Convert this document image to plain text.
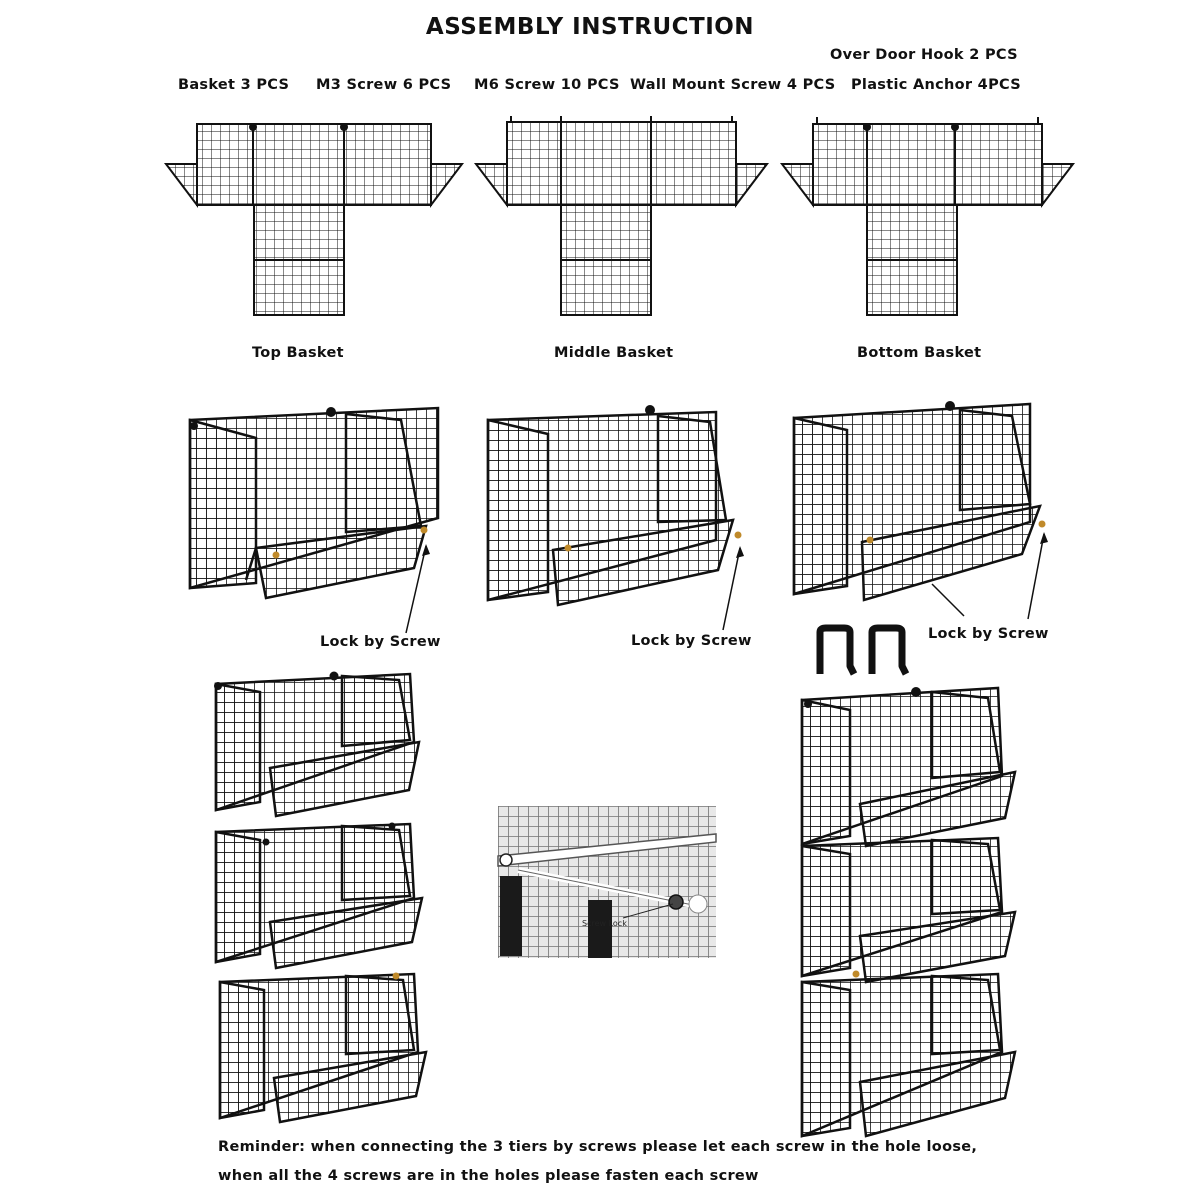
ASSEMBLY INSTRUCTION
Over Door Hook 2 PCS
Basket 3 PCS M3 Screw 6 PCS M6 Screw 10 PCS Wall Mount Screw 4 PCS Plastic Anchor 4PCS
Top Basket	Middle Basket	Bottom Basket
Lock by Screw	Lock by Screw	Lock by Screw
Reminder: when connecting the 3 tiers by screws please let each screw in the hole loose,
when all the 4 screws are in the holes please fasten each screw
Screw Lock
